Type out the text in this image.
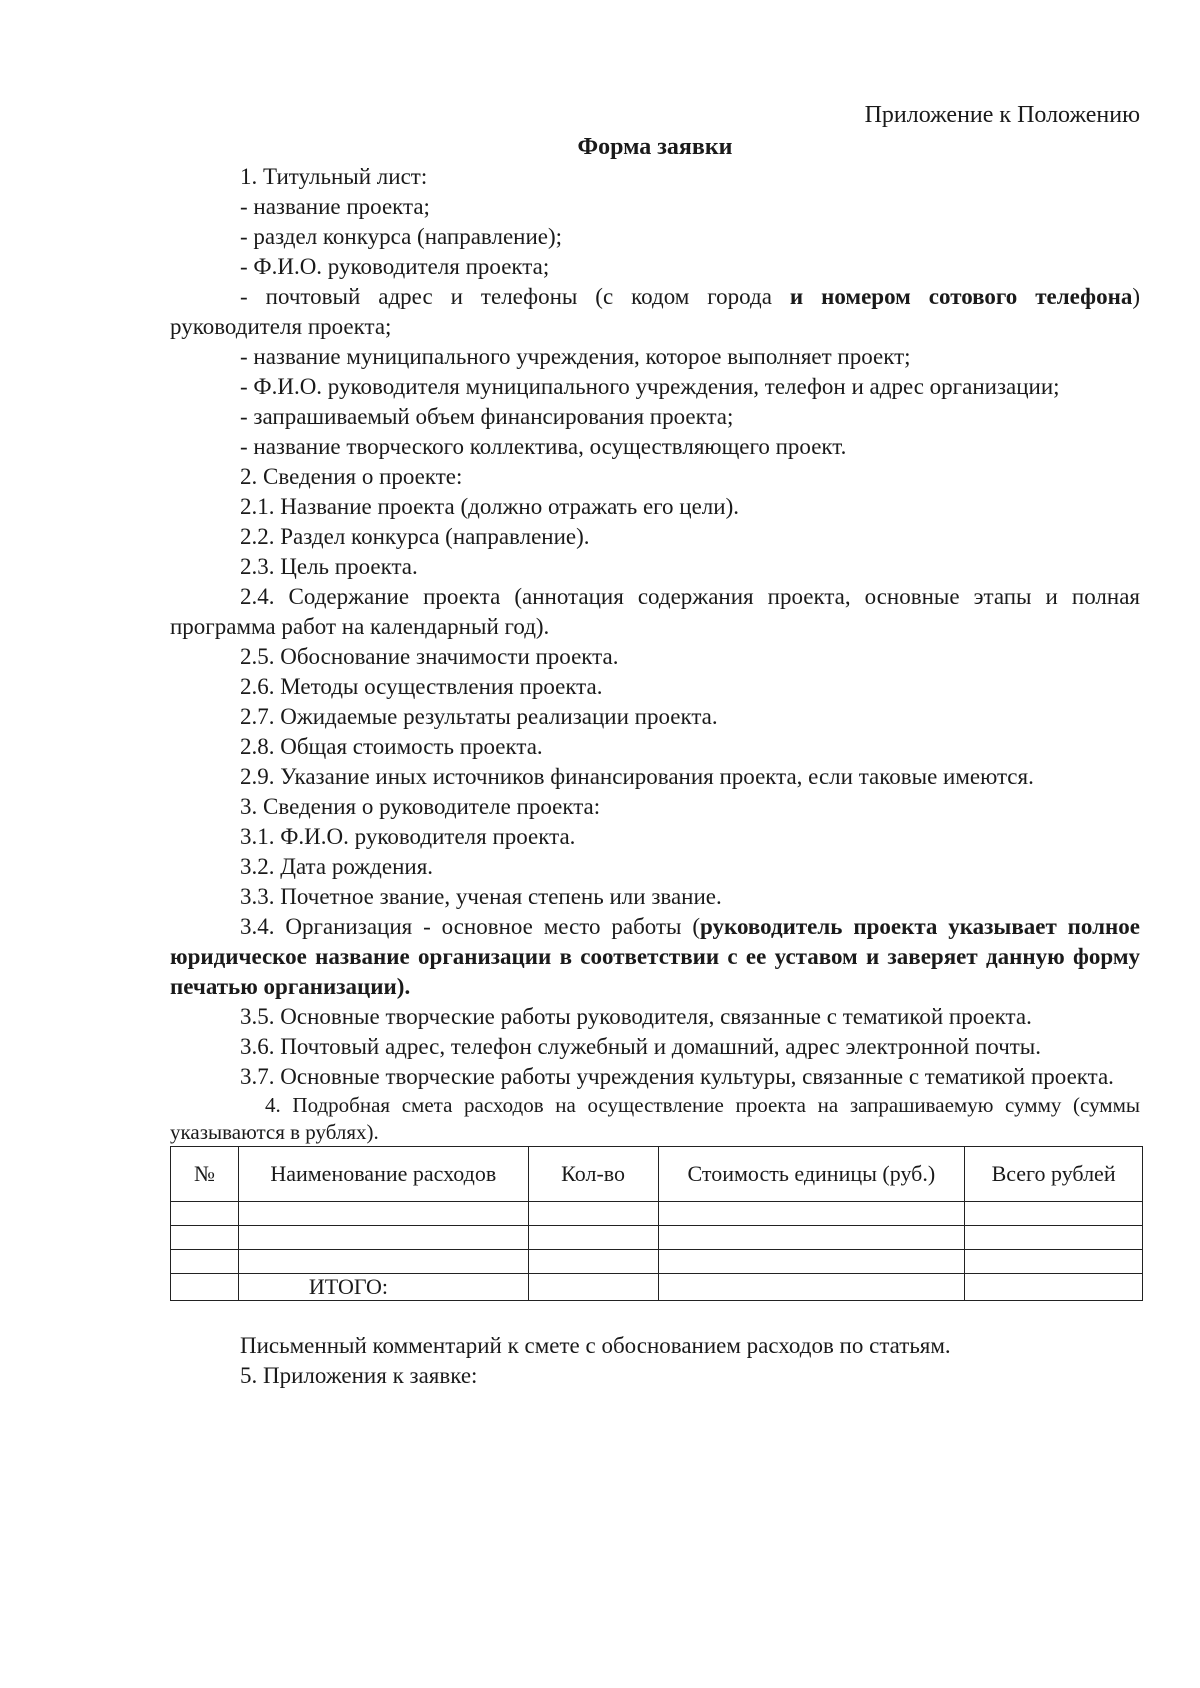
Приложение к Положению
Форма заявки
1. Титульный лист:
- название проекта;
- раздел конкурса (направление);
- Ф.И.О. руководителя проекта;
- почтовый адрес и телефоны (с кодом города и номером сотового телефона) руководителя проекта;
- название муниципального учреждения, которое выполняет проект;
- Ф.И.О. руководителя муниципального учреждения, телефон и адрес организации;
- запрашиваемый объем финансирования проекта;
- название творческого коллектива, осуществляющего проект.
2. Сведения о проекте:
2.1. Название проекта (должно отражать его цели).
2.2. Раздел конкурса (направление).
2.3. Цель проекта.
2.4. Содержание проекта (аннотация содержания проекта, основные этапы и полная программа работ на календарный год).
2.5. Обоснование значимости проекта.
2.6. Методы осуществления проекта.
2.7. Ожидаемые результаты реализации проекта.
2.8. Общая стоимость проекта.
2.9. Указание иных источников финансирования проекта, если таковые имеются.
3. Сведения о руководителе проекта:
3.1. Ф.И.О. руководителя проекта.
3.2. Дата рождения.
3.3. Почетное звание, ученая степень или звание.
3.4. Организация - основное место работы (руководитель проекта указывает полное юридическое название организации в соответствии с ее уставом и заверяет данную форму печатью организации).
3.5. Основные творческие работы руководителя, связанные с тематикой проекта.
3.6. Почтовый адрес, телефон служебный и домашний, адрес электронной почты.
3.7. Основные творческие работы учреждения культуры, связанные с тематикой проекта.
4. Подробная смета расходов на осуществление проекта на запрашиваемую сумму (суммы указываются в рублях).
№	Наименование расходов	Кол-во	Стоимость единицы (руб.)	Всего рублей

	ИТОГО:			
Письменный комментарий к смете с обоснованием расходов по статьям.
5. Приложения к заявке:
